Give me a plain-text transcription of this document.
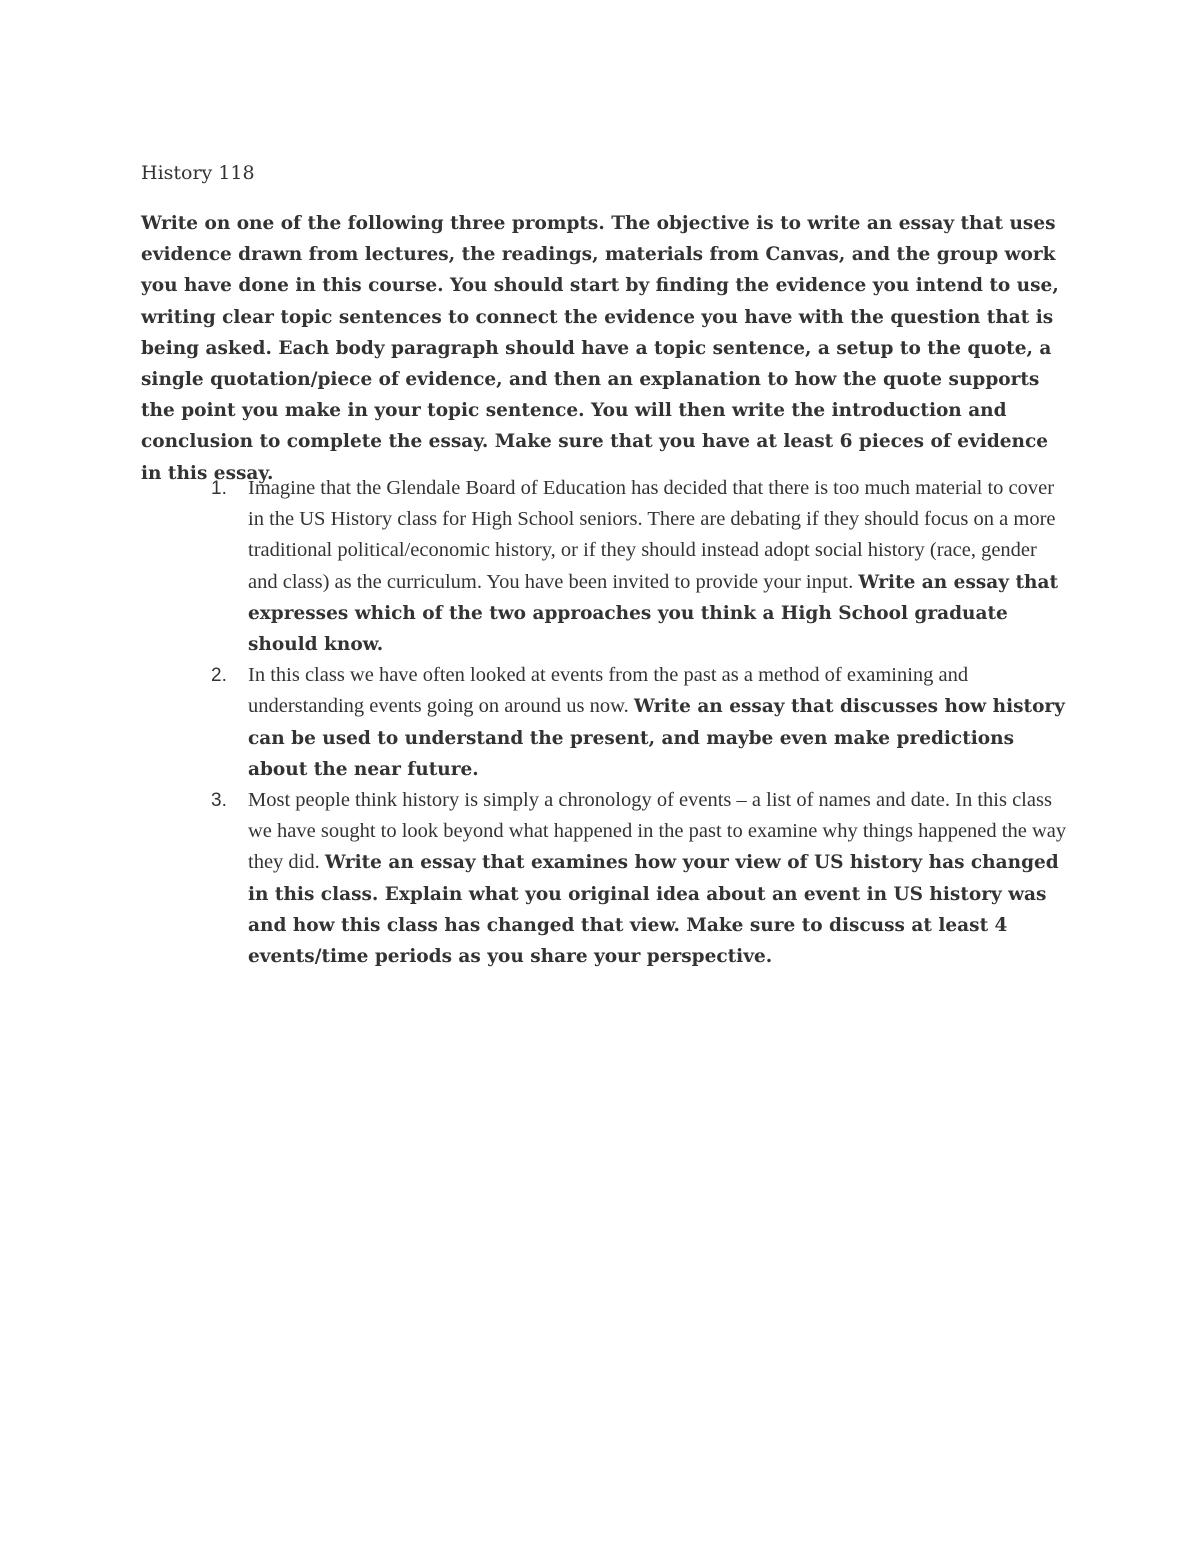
History 118

Write on one of the following three prompts. The objective is to write an essay that uses evidence drawn from lectures, the readings, materials from Canvas, and the group work you have done in this course. You should start by finding the evidence you intend to use, writing clear topic sentences to connect the evidence you have with the question that is being asked. Each body paragraph should have a topic sentence, a setup to the quote, a single quotation/piece of evidence, and then an explanation to how the quote supports the point you make in your topic sentence. You will then write the introduction and conclusion to complete the essay. Make sure that you have at least 6 pieces of evidence in this essay.

1. Imagine that the Glendale Board of Education has decided that there is too much material to cover in the US History class for High School seniors. There are debating if they should focus on a more traditional political/economic history, or if they should instead adopt social history (race, gender and class) as the curriculum. You have been invited to provide your input. Write an essay that expresses which of the two approaches you think a High School graduate should know.
2. In this class we have often looked at events from the past as a method of examining and understanding events going on around us now. Write an essay that discusses how history can be used to understand the present, and maybe even make predictions about the near future.
3. Most people think history is simply a chronology of events – a list of names and date. In this class we have sought to look beyond what happened in the past to examine why things happened the way they did. Write an essay that examines how your view of US history has changed in this class. Explain what you original idea about an event in US history was and how this class has changed that view. Make sure to discuss at least 4 events/time periods as you share your perspective.
